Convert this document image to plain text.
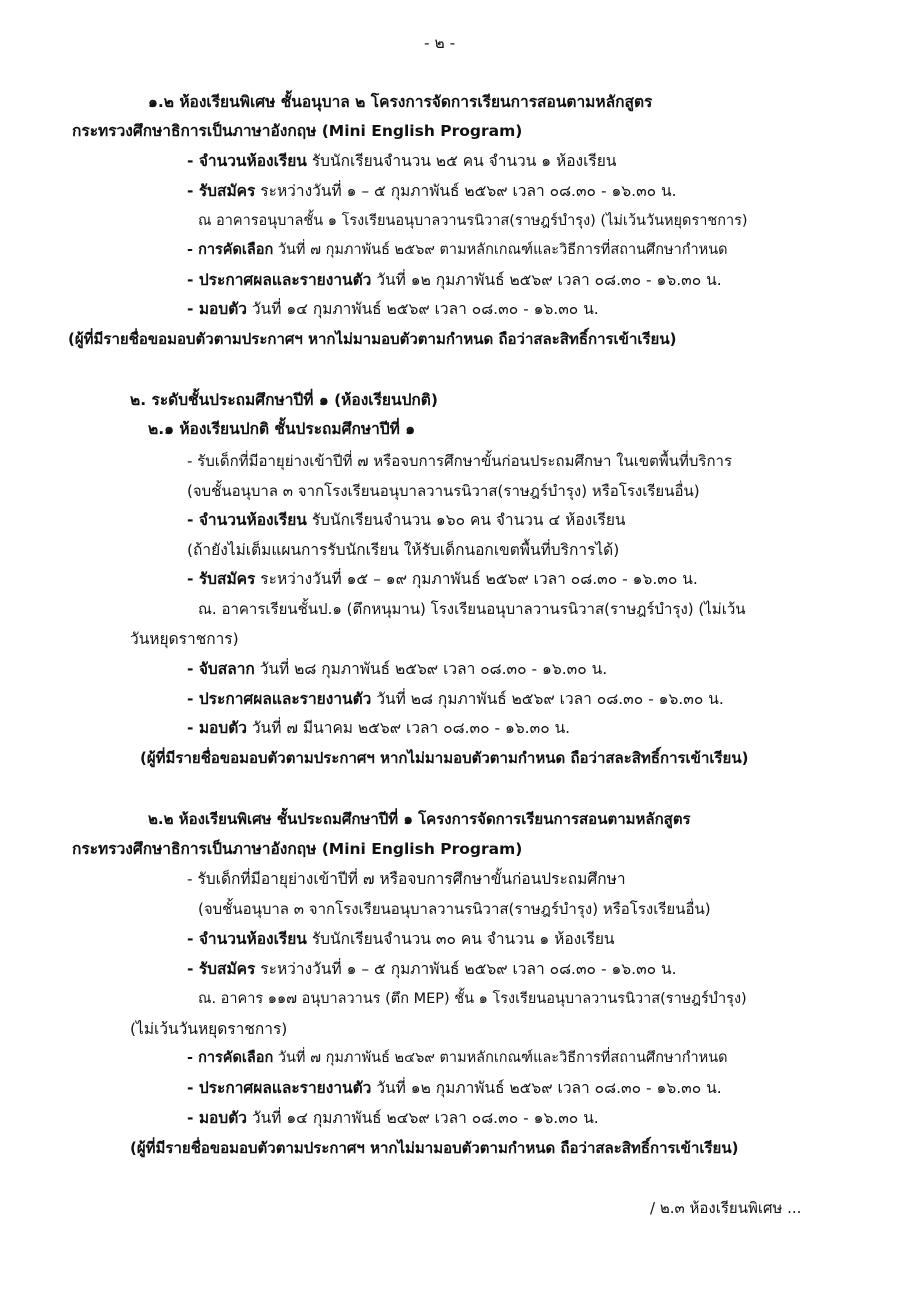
- ๒ -
๑.๒ ห้องเรียนพิเศษ ชั้นอนุบาล ๒ โครงการจัดการเรียนการสอนตามหลักสูตร
กระทรวงศึกษาธิการเป็นภาษาอังกฤษ (Mini English Program)
- จำนวนห้องเรียน รับนักเรียนจำนวน ๒๕ คน จำนวน ๑ ห้องเรียน
- รับสมัคร ระหว่างวันที่ ๑ – ๕ กุมภาพันธ์ ๒๕๖๙ เวลา ๐๘.๓๐ - ๑๖.๓๐ น.
ณ อาคารอนุบาลชั้น ๑ โรงเรียนอนุบาลวานรนิวาส(ราษฎร์บำรุง) (ไม่เว้นวันหยุดราชการ)
- การคัดเลือก วันที่ ๗ กุมภาพันธ์ ๒๕๖๙ ตามหลักเกณฑ์และวิธีการที่สถานศึกษากำหนด
- ประกาศผลและรายงานตัว วันที่ ๑๒ กุมภาพันธ์ ๒๕๖๙ เวลา ๐๘.๓๐ - ๑๖.๓๐ น.
- มอบตัว วันที่ ๑๔ กุมภาพันธ์ ๒๕๖๙ เวลา ๐๘.๓๐ - ๑๖.๓๐ น.
(ผู้ที่มีรายชื่อขอมอบตัวตามประกาศฯ หากไม่มามอบตัวตามกำหนด ถือว่าสละสิทธิ์การเข้าเรียน)
๒. ระดับชั้นประถมศึกษาปีที่ ๑ (ห้องเรียนปกติ)
๒.๑ ห้องเรียนปกติ ชั้นประถมศึกษาปีที่ ๑
- รับเด็กที่มีอายุย่างเข้าปีที่ ๗ หรือจบการศึกษาขั้นก่อนประถมศึกษา ในเขตพื้นที่บริการ
(จบชั้นอนุบาล ๓ จากโรงเรียนอนุบาลวานรนิวาส(ราษฎร์บำรุง) หรือโรงเรียนอื่น)
- จำนวนห้องเรียน รับนักเรียนจำนวน ๑๖๐ คน จำนวน ๔ ห้องเรียน
(ถ้ายังไม่เต็มแผนการรับนักเรียน ให้รับเด็กนอกเขตพื้นที่บริการได้)
- รับสมัคร ระหว่างวันที่ ๑๕ – ๑๙ กุมภาพันธ์ ๒๕๖๙ เวลา ๐๘.๓๐ - ๑๖.๓๐ น.
ณ. อาคารเรียนชั้นป.๑ (ตึกหนุมาน) โรงเรียนอนุบาลวานรนิวาส(ราษฎร์บำรุง) (ไม่เว้น
วันหยุดราชการ)
- จับสลาก วันที่ ๒๘ กุมภาพันธ์ ๒๕๖๙ เวลา ๐๘.๓๐ - ๑๖.๓๐ น.
- ประกาศผลและรายงานตัว วันที่ ๒๘ กุมภาพันธ์ ๒๕๖๙ เวลา ๐๘.๓๐ - ๑๖.๓๐ น.
- มอบตัว วันที่ ๗ มีนาคม ๒๕๖๙ เวลา ๐๘.๓๐ - ๑๖.๓๐ น.
(ผู้ที่มีรายชื่อขอมอบตัวตามประกาศฯ หากไม่มามอบตัวตามกำหนด ถือว่าสละสิทธิ์การเข้าเรียน)
๒.๒ ห้องเรียนพิเศษ ชั้นประถมศึกษาปีที่ ๑ โครงการจัดการเรียนการสอนตามหลักสูตร
กระทรวงศึกษาธิการเป็นภาษาอังกฤษ (Mini English Program)
- รับเด็กที่มีอายุย่างเข้าปีที่ ๗ หรือจบการศึกษาขั้นก่อนประถมศึกษา
(จบชั้นอนุบาล ๓ จากโรงเรียนอนุบาลวานรนิวาส(ราษฎร์บำรุง) หรือโรงเรียนอื่น)
- จำนวนห้องเรียน รับนักเรียนจำนวน ๓๐ คน จำนวน ๑ ห้องเรียน
- รับสมัคร ระหว่างวันที่ ๑ – ๕ กุมภาพันธ์ ๒๕๖๙ เวลา ๐๘.๓๐ - ๑๖.๓๐ น.
ณ. อาคาร ๑๑๗ อนุบาลวานร (ตึก MEP) ชั้น ๑ โรงเรียนอนุบาลวานรนิวาส(ราษฎร์บำรุง)
(ไม่เว้นวันหยุดราชการ)
- การคัดเลือก วันที่ ๗ กุมภาพันธ์ ๒๔๖๙ ตามหลักเกณฑ์และวิธีการที่สถานศึกษากำหนด
- ประกาศผลและรายงานตัว วันที่ ๑๒ กุมภาพันธ์ ๒๕๖๙ เวลา ๐๘.๓๐ - ๑๖.๓๐ น.
- มอบตัว วันที่ ๑๔ กุมภาพันธ์ ๒๔๖๙ เวลา ๐๘.๓๐ - ๑๖.๓๐ น.
(ผู้ที่มีรายชื่อขอมอบตัวตามประกาศฯ หากไม่มามอบตัวตามกำหนด ถือว่าสละสิทธิ์การเข้าเรียน)
/ ๒.๓ ห้องเรียนพิเศษ ...
